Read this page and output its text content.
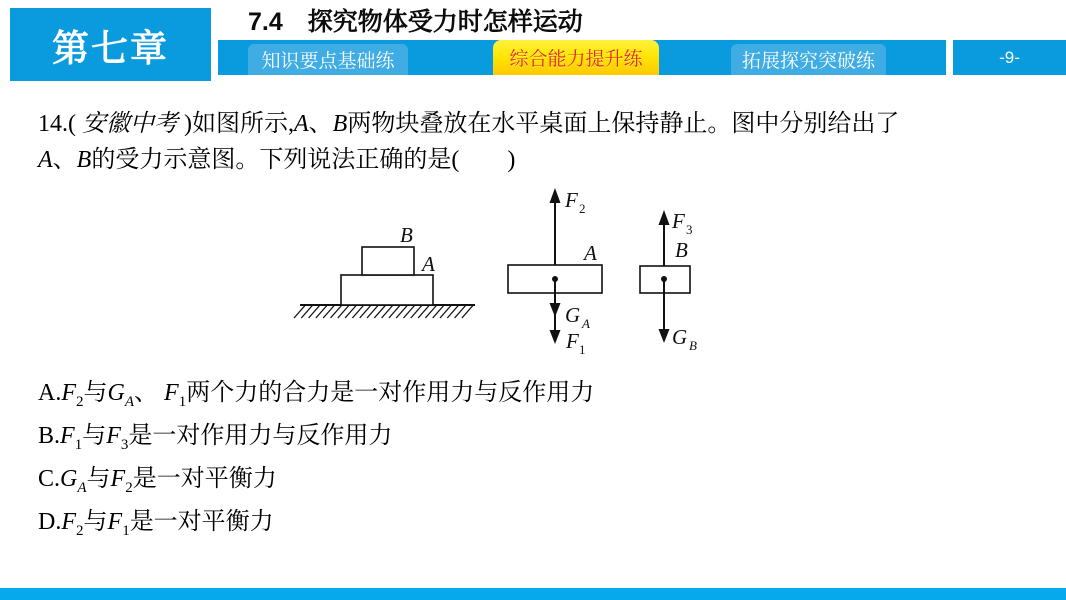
第七章
7.4　探究物体受力时怎样运动
知识要点基础练	综合能力提升练	拓展探究突破练	-9-
14.( 安徽中考 )如图所示,A、B两物块叠放在水平桌面上保持静止。图中分别给出了
A、B的受力示意图。下列说法正确的是(　　)
B
A	A
F 2
G A
F 1
B
F 3
G B
$A.F_2$与$G_A$、 $F_1$两个力的合力是一对作用力与反作用力
$B.F_1$与$F_3$是一对作用力与反作用力
$C.G_A$与$F_2$是一对平衡力
$D.F_2$与$F_1$是一对平衡力
